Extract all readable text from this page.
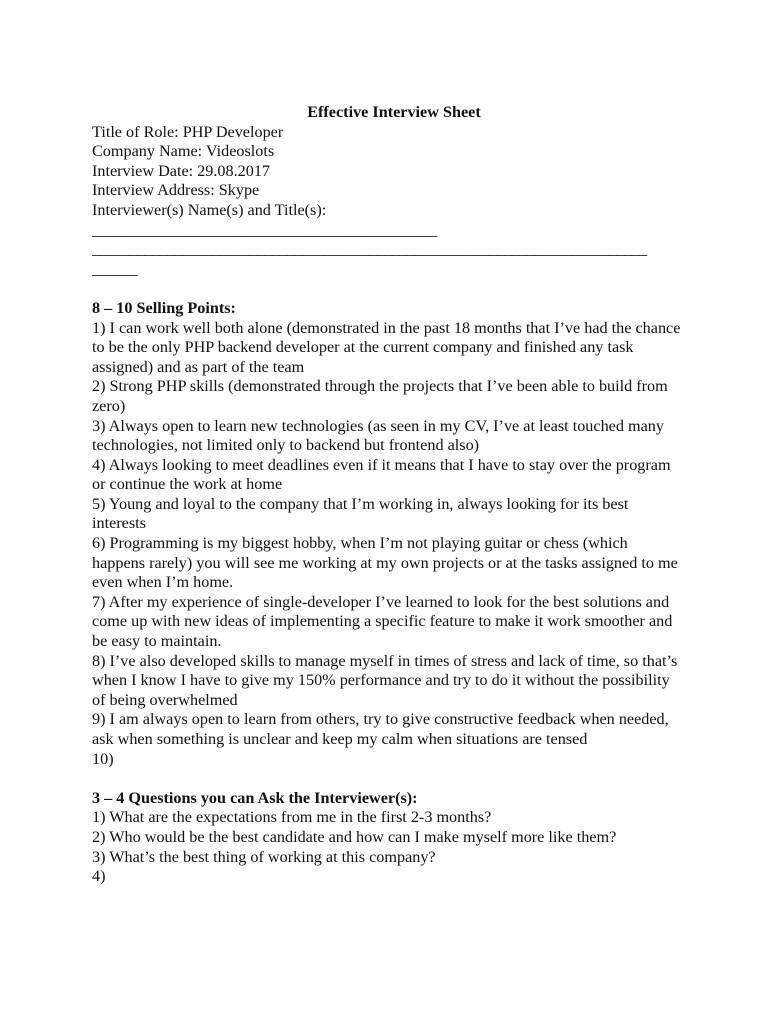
Effective Interview Sheet

Title of Role: PHP Developer

Company Name: Videoslots

Interview Date: 29.08.2017

Interview Address: Skype

Interviewer(s) Name(s) and Title(s):

______________________________________________

__________________________________________________________________________

______

8 – 10 Selling Points:

1) I can work well both alone (demonstrated in the past 18 months that I’ve had the chance to be the only PHP backend developer at the current company and finished any task assigned) and as part of the team

2) Strong PHP skills (demonstrated through the projects that I’ve been able to build from zero)

3) Always open to learn new technologies (as seen in my CV, I’ve at least touched many technologies, not limited only to backend but frontend also)

4) Always looking to meet deadlines even if it means that I have to stay over the program or continue the work at home

5) Young and loyal to the company that I’m working in, always looking for its best interests

6) Programming is my biggest hobby, when I’m not playing guitar or chess (which happens rarely) you will see me working at my own projects or at the tasks assigned to me even when I’m home.

7) After my experience of single-developer I’ve learned to look for the best solutions and come up with new ideas of implementing a specific feature to make it work smoother and be easy to maintain.

8) I’ve also developed skills to manage myself in times of stress and lack of time, so that’s when I know I have to give my 150% performance and try to do it without the possibility of being overwhelmed

9) I am always open to learn from others, try to give constructive feedback when needed, ask when something is unclear and keep my calm when situations are tensed

10)

3 – 4 Questions you can Ask the Interviewer(s):

1) What are the expectations from me in the first 2-3 months?

2) Who would be the best candidate and how can I make myself more like them?

3) What’s the best thing of working at this company?

4)
